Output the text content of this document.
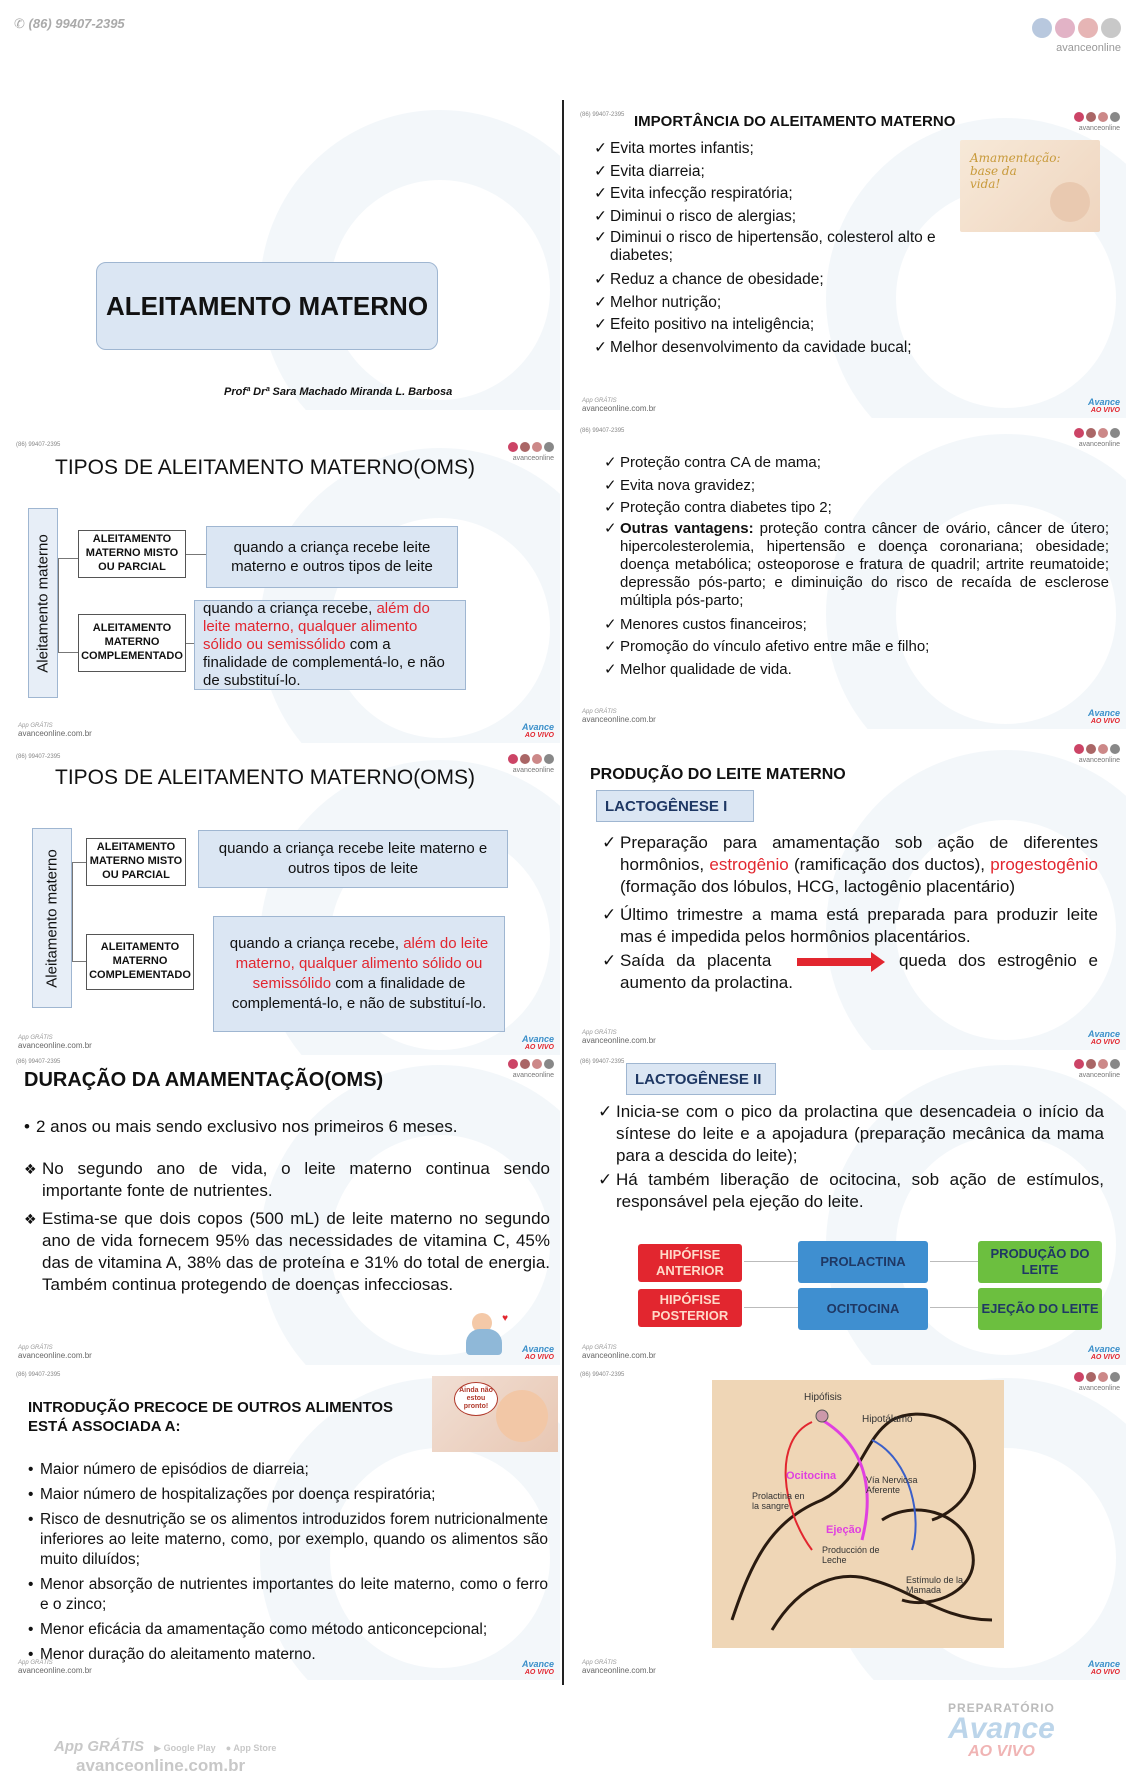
✆ (86) 99407-2395
avanceonline
ALEITAMENTO MATERNO
Profª Drª Sara Machado Miranda L. Barbosa
(86) 99407-2395
avanceonline
IMPORTÂNCIA DO ALEITAMENTO MATERNO
Amamentação: base da vida!
✓ Evita mortes infantis;
✓ Evita diarreia;
✓ Evita infecção respiratória;
✓ Diminui o risco de alergias;
✓ Diminui o risco de hipertensão, colesterol alto e diabetes;
✓ Reduz a chance de obesidade;
✓ Melhor nutrição;
✓ Efeito positivo na inteligência;
✓ Melhor desenvolvimento da cavidade bucal;
App GRÁTIS
avanceonline.com.br
Avance
AO VIVO
(86) 99407-2395
avanceonline
TIPOS DE ALEITAMENTO MATERNO(OMS)
Aleitamento materno	ALEITAMENTO MATERNO MISTO OU PARCIAL
ALEITAMENTO MATERNO COMPLEMENTADO
quando a criança recebe leite materno e outros tipos de leite
quando a criança recebe, além do leite materno, qualquer alimento sólido ou semissólido com a finalidade de complementá-lo, e não de substituí-lo.
App GRÁTIS
avanceonline.com.br
Avance
AO VIVO
(86) 99407-2395
avanceonline
✓ Proteção contra CA de mama;
✓ Evita nova gravidez;
✓ Proteção contra diabetes tipo 2;
✓ Outras vantagens: proteção contra câncer de ovário, câncer de útero; hipercolesterolemia, hipertensão e doença coronariana; obesidade; doença metabólica; osteoporose e fratura de quadril; artrite reumatoide; depressão pós-parto; e diminuição do risco de recaída de esclerose múltipla pós-parto;
✓ Menores custos financeiros;
✓ Promoção do vínculo afetivo entre mãe e filho;
✓ Melhor qualidade de vida.
App GRÁTIS
avanceonline.com.br
Avance
AO VIVO
(86) 99407-2395
avanceonline
TIPOS DE ALEITAMENTO MATERNO(OMS)
Aleitamento materno
ALEITAMENTO MATERNO MISTO OU PARCIAL
ALEITAMENTO MATERNO COMPLEMENTADO
quando a criança recebe leite materno e outros tipos de leite
quando a criança recebe, além do leite materno, qualquer alimento sólido ou semissólido com a finalidade de complementá-lo, e não de substituí-lo.
App GRÁTIS
avanceonline.com.br
Avance
AO VIVO
avanceonline
PRODUÇÃO DO LEITE MATERNO
LACTOGÊNESE I
✓ Preparação para amamentação sob ação de diferentes hormônios, estrogênio (ramificação dos ductos), progestogênio (formação dos lóbulos, HCG, lactogênio placentário)
✓ Último trimestre a mama está preparada para produzir leite mas é impedida pelos hormônios placentários.
✓ Saída da placenta	queda dos estrogênio e aumento da prolactina.
App GRÁTIS
avanceonline.com.br
Avance
AO VIVO
(86) 99407-2395
avanceonline
DURAÇÃO DA AMAMENTAÇÃO(OMS)
• 2 anos ou mais sendo exclusivo nos primeiros 6 meses.
❖ No segundo ano de vida, o leite materno continua sendo importante fonte de nutrientes.
❖ Estima-se que dois copos (500 mL) de leite materno no segundo ano de vida fornecem 95% das necessidades de vitamina C, 45% das de vitamina A, 38% das de proteína e 31% do total de energia. Também continua protegendo de doenças infecciosas.
♥
App GRÁTIS
avanceonline.com.br
Avance
AO VIVO
(86) 99407-2395
avanceonline
LACTOGÊNESE II
✓ Inicia-se com o pico da prolactina que desencadeia o início da síntese do leite e a apojadura (preparação mecânica da mama para a descida do leite);
✓ Há também liberação de ocitocina, sob ação de estímulos, responsável pela ejeção do leite.
HIPÓFISE ANTERIOR
HIPÓFISE POSTERIOR
PROLACTINA
OCITOCINA
PRODUÇÃO DO LEITE
EJEÇÃO DO LEITE
App GRÁTIS
avanceonline.com.br
Avance
AO VIVO
(86) 99407-2395
INTRODUÇÃO PRECOCE DE OUTROS ALIMENTOS
ESTÁ ASSOCIADA A:
Ainda não estou pronto!
• Maior número de episódios de diarreia;
• Maior número de hospitalizações por doença respiratória;
• Risco de desnutrição se os alimentos introduzidos forem nutricionalmente inferiores ao leite materno, como, por exemplo, quando os alimentos são muito diluídos;
• Menor absorção de nutrientes importantes do leite materno, como o ferro e o zinco;
• Menor eficácia da amamentação como método anticoncepcional;
• Menor duração do aleitamento materno.
App GRÁTIS
avanceonline.com.br
Avance
AO VIVO
(86) 99407-2395
avanceonline
Hipófisis
Hipotálamo
Ocitocina
Prolactina en la sangre
Vía Nerviosa Aferente
Ejeção
Producción de Leche
Estímulo de la Mamada
App GRÁTIS
avanceonline.com.br
Avance
AO VIVO
App GRÁTIS ▶ Google Play ● App Store
avanceonline.com.br
PREPARATÓRIO
Avance
AO VIVO
